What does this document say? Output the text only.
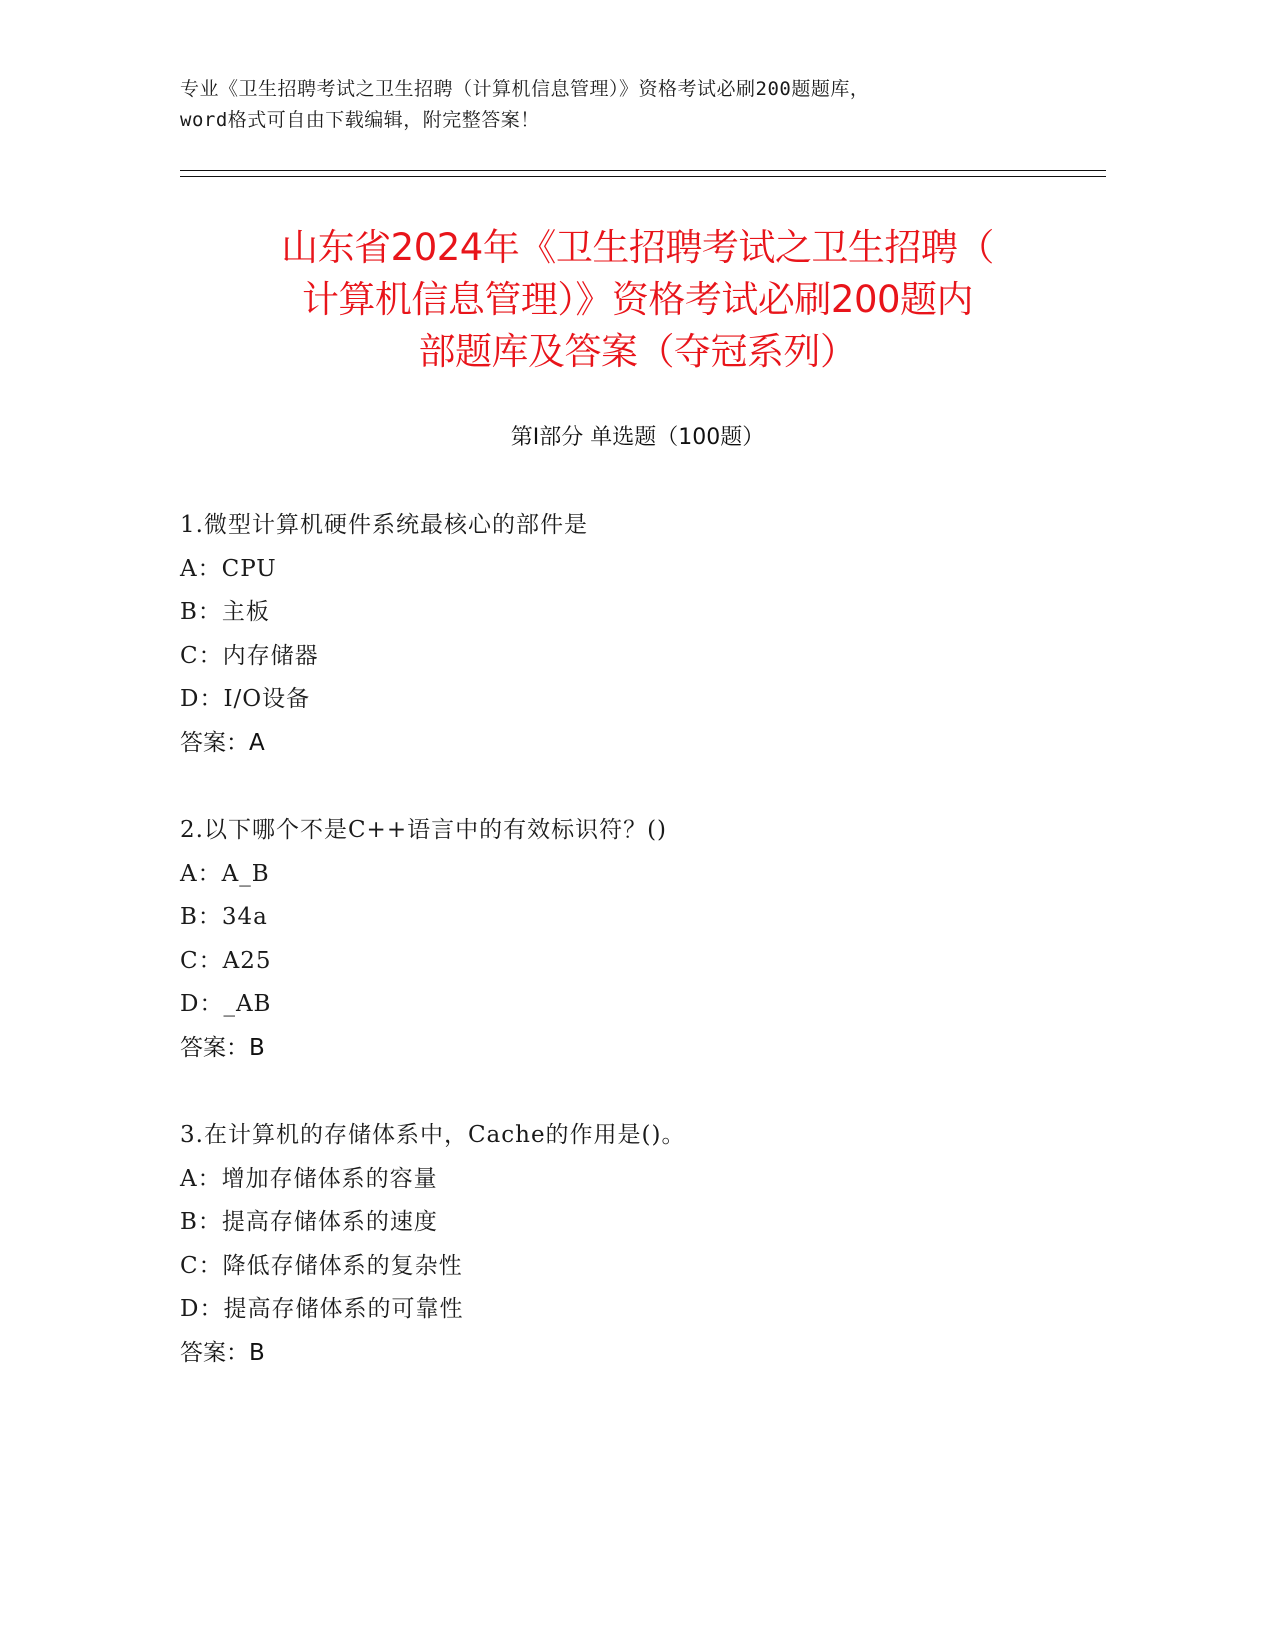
专业《卫生招聘考试之卫生招聘（计算机信息管理）》资格考试必刷200题题库，
word格式可自由下载编辑，附完整答案！
山东省2024年《卫生招聘考试之卫生招聘（
计算机信息管理）》资格考试必刷200题内
部题库及答案（夺冠系列）
第Ⅰ部分 单选题（100题）
1.微型计算机硬件系统最核心的部件是
A：CPU
B：主板
C：内存储器
D：I/O设备
答案：A
2.以下哪个不是C++语言中的有效标识符？()
A：A_B
B：34a
C：A25
D：_AB
答案：B
3.在计算机的存储体系中，Cache的作用是()。
A：增加存储体系的容量
B：提高存储体系的速度
C：降低存储体系的复杂性
D：提高存储体系的可靠性
答案：B
